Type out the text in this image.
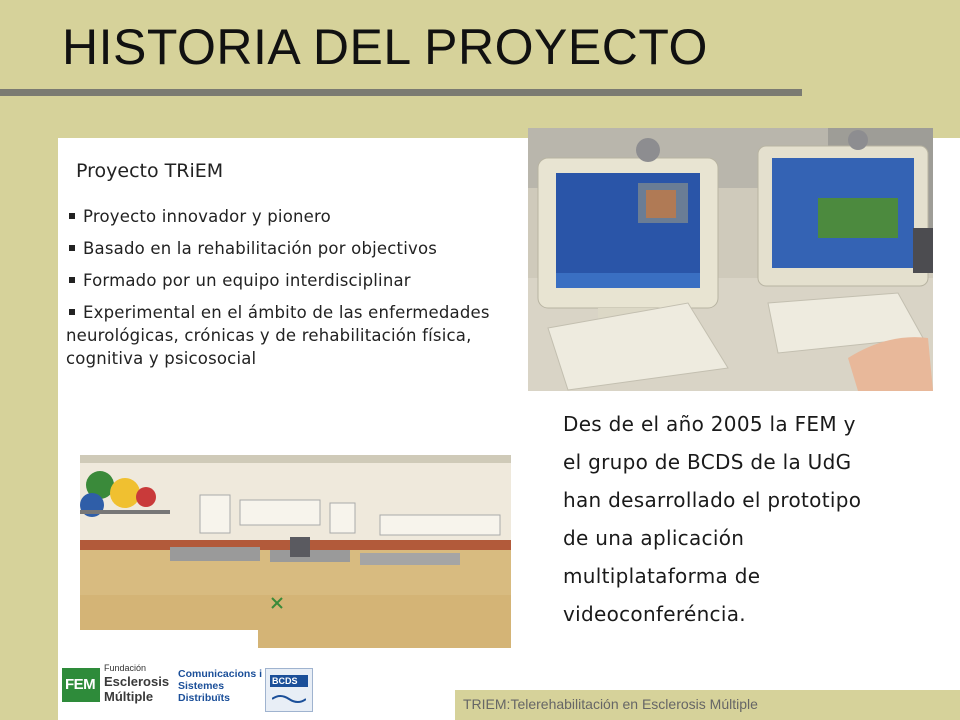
HISTORIA DEL PROYECTO
Proyecto TRiEM
Proyecto innovador y pionero
Basado en la rehabilitación por objectivos
Formado por un equipo interdisciplinar
Experimental en el ámbito de las enfermedades neurológicas, crónicas y de rehabilitación física, cognitiva y psicosocial
Des de el año 2005 la FEM y
el grupo de BCDS de la UdG
han desarrollado el prototipo
de una aplicación
multiplataforma de
videoconferéncia.
FEM
Fundación
Esclerosis
Múltiple
Comunicacions i
Sistemes
Distribuïts
BCDS
TRIEM:Telerehabilitación en Esclerosis Múltiple
